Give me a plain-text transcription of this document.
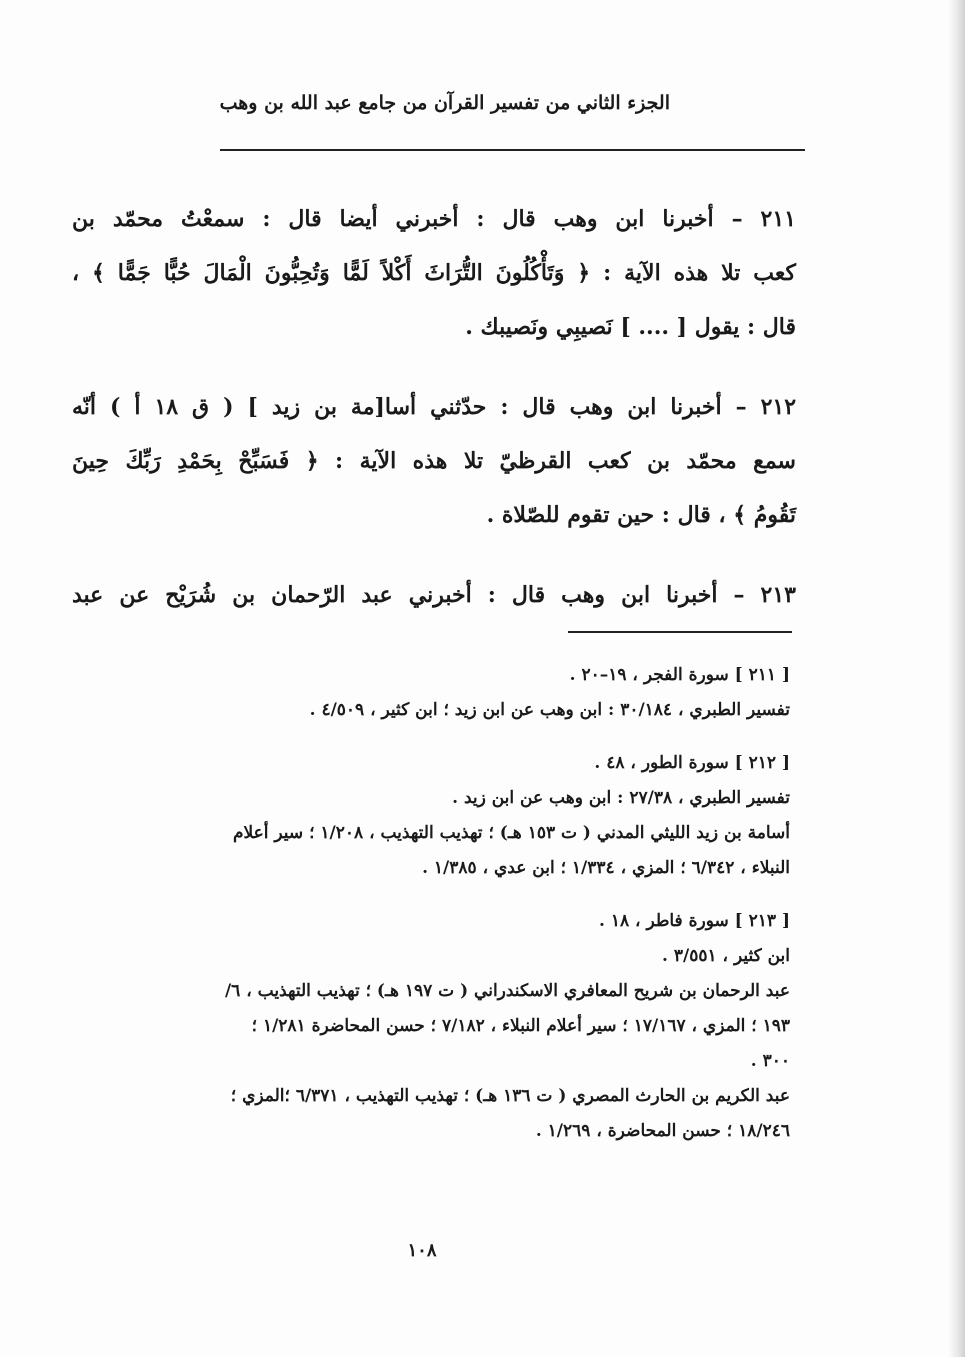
الجزء الثاني من تفسير القرآن من جامع عبد الله بن وهب
٢١١ – أخبرنا ابن وهب قال : أخبرني أيضا قال : سمعْتُ محمّد بن
كعب تلا هذه الآية : ﴿ وَتَأْكُلُونَ التُّرَاثَ أَكْلاً لَمًّا وَتُحِبُّونَ الْمَالَ حُبًّا جَمًّا ﴾ ،
قال : يقول [ .... ] نَصيبِي ونَصيبك .
٢١٢ – أخبرنا ابن وهب قال : حدّثني أسا[مة بن زيد ] ( ق ١٨ أ ) أنّه
سمع محمّد بن كعب القرظيّ تلا هذه الآية : ﴿ فَسَبِّحْ بِحَمْدِ رَبِّكَ حِينَ
تَقُومُ ﴾ ، قال : حين تقوم للصّلاة .
٢١٣ – أخبرنا ابن وهب قال : أخبرني عبد الرّحمان بن شُرَيْح عن عبد
[ ٢١١ ] سورة الفجر ، ١٩–٢٠ .
تفسير الطبري ، ٣٠/١٨٤ : ابن وهب عن ابن زيد ؛ ابن كثير ، ٤/٥٠٩ .
[ ٢١٢ ] سورة الطور ، ٤٨ .
تفسير الطبري ، ٢٧/٣٨ : ابن وهب عن ابن زيد .
أسامة بن زيد الليثي المدني ( ت ١٥٣ هـ) ؛ تهذيب التهذيب ، ١/٢٠٨ ؛ سير أعلام
النبلاء ، ٦/٣٤٢ ؛ المزي ، ١/٣٣٤ ؛ ابن عدي ، ١/٣٨٥ .
[ ٢١٣ ] سورة فاطر ، ١٨ .
ابن كثير ، ٣/٥٥١ .
عبد الرحمان بن شريح المعافري الاسكندراني ( ت ١٩٧ هـ) ؛ تهذيب التهذيب ، ٦/
١٩٣ ؛ المزي ، ١٧/١٦٧ ؛ سير أعلام النبلاء ، ٧/١٨٢ ؛ حسن المحاضرة ١/٢٨١ ؛
٣٠٠ .
عبد الكريم بن الحارث المصري ( ت ١٣٦ هـ) ؛ تهذيب التهذيب ، ٦/٣٧١ ؛المزي ؛
١٨/٢٤٦ ؛ حسن المحاضرة ، ١/٢٦٩ .
١٠٨
